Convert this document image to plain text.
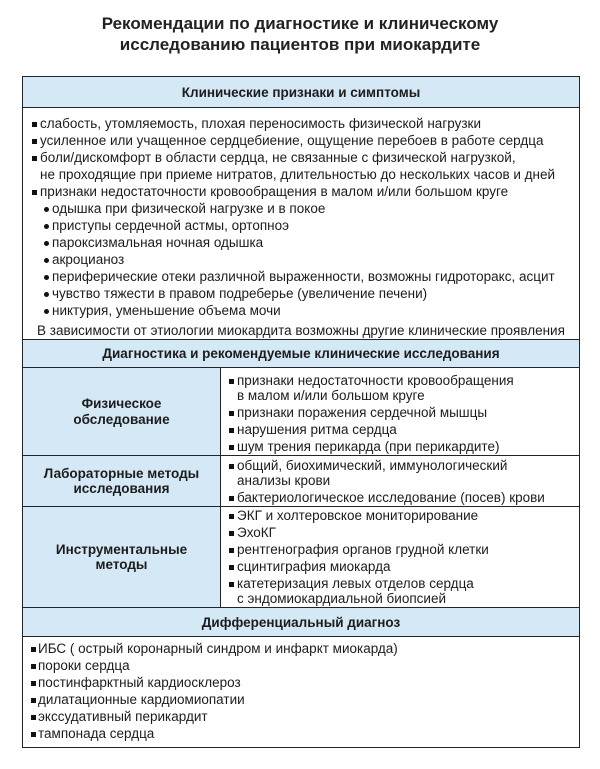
Рекомендации по диагностике и клиническому
исследованию пациентов при миокардите
Клинические признаки и симптомы
слабость, утомляемость, плохая переносимость физической нагрузки
усиленное или учащенное сердцебиение, ощущение перебоев в работе сердца
боли/дискомфорт в области сердца, не связанные с физической нагрузкой,
не проходящие при приеме нитратов, длительностью до нескольких часов и дней
признаки недостаточности кровообращения в малом и/или большом круге
одышка при физической нагрузке и в покое
приступы сердечной астмы, ортопноэ
пароксизмальная ночная одышка
акроцианоз
периферические отеки различной выраженности, возможны гидроторакс, асцит
чувство тяжести в правом подреберье (увеличение печени)
никтурия, уменьшение объема мочи
В зависимости от этиологии миокардита возможны другие клинические проявления
Диагностика и рекомендуемые клинические исследования
Физическое
обследование
признаки недостаточности кровообращения
в малом и/или большом круге
признаки поражения сердечной мышцы
нарушения ритма сердца
шум трения перикарда (при перикардите)
Лабораторные методы
исследования
общий, биохимический, иммунологический
анализы крови
бактериологическое исследование (посев) крови
Инструментальные
методы
ЭКГ и холтеровское мониторирование
ЭхоКГ
рентгенография органов грудной клетки
сцинтиграфия миокарда
катетеризация левых отделов сердца
с эндомиокардиальной биопсией
Дифференциальный диагноз
ИБС ( острый коронарный синдром и инфаркт миокарда)
пороки сердца
постинфарктный кардиосклероз
дилатационные кардиомиопатии
экссудативный перикардит
тампонада сердца
